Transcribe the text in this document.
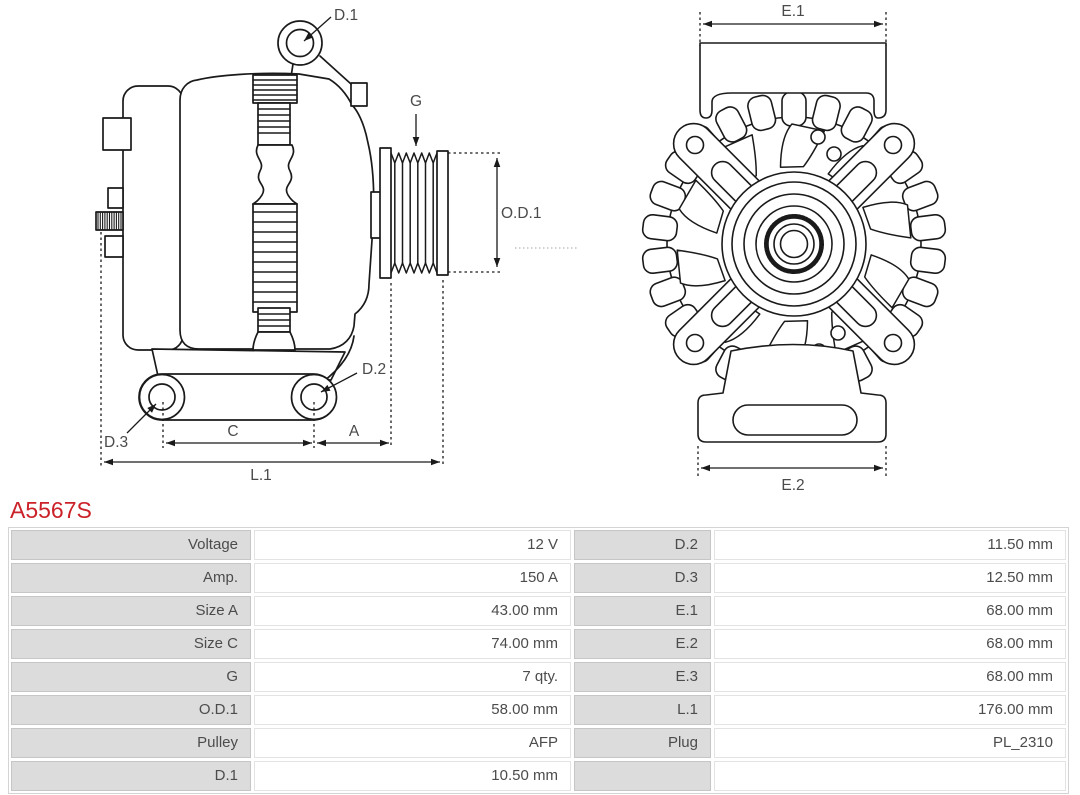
D.1
G
O.D.1
D.2
D.3
C	A
L.1
E.1
E.2
A5567S
Voltage	12 V	D.2	11.50 mm
Amp.	150 A	D.3	12.50 mm
Size A	43.00 mm	E.1	68.00 mm
Size C	74.00 mm	E.2	68.00 mm
G	7 qty.	E.3	68.00 mm
O.D.1	58.00 mm	L.1	176.00 mm
Pulley	AFP	Plug	PL_2310
D.1	10.50 mm
